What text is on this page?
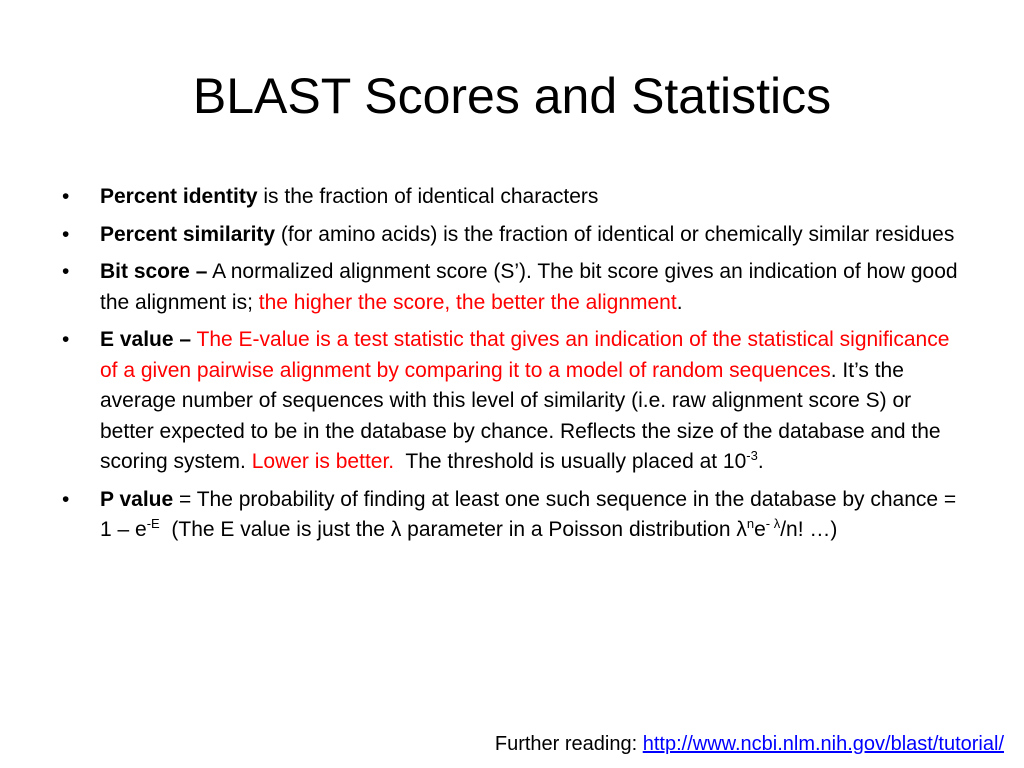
BLAST Scores and Statistics
• Percent identity is the fraction of identical characters
• Percent similarity (for amino acids) is the fraction of identical or chemically similar residues
• Bit score – A normalized alignment score (S’). The bit score gives an indication of how good the alignment is; the higher the score, the better the alignment.
• E value – The E-value is a test statistic that gives an indication of the statistical significance of a given pairwise alignment by comparing it to a model of random sequences. It’s the average number of sequences with this level of similarity (i.e. raw alignment score S) or better expected to be in the database by chance. Reflects the size of the database and the scoring system. Lower is better.  The threshold is usually placed at $10^{-3}$.
• P value = The probability of finding at least one such sequence in the database by chance = $1 - e^{-E}$  (The E value is just the λ parameter in a Poisson distribution $\lambda^ne^{- \lambda}/n$! …)
Further reading: http://www.ncbi.nlm.nih.gov/blast/tutorial/
